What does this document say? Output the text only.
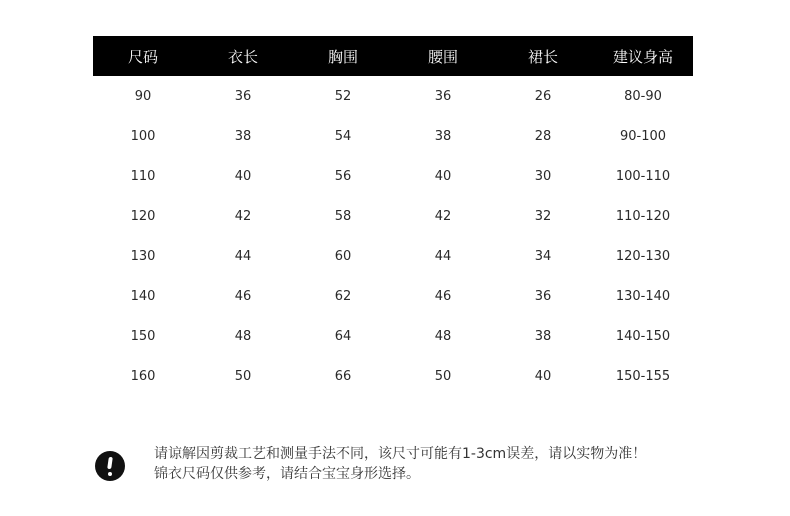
尺码	衣长	胸围	腰围	裙长	建议身高
90	36	52	36	26	80-90
100	38	54	38	28	90-100
110	40	56	40	30	100-110
120	42	58	42	32	110-120
130	44	60	44	34	120-130
140	46	62	46	36	130-140
150	48	64	48	38	140-150
160	50	66	50	40	150-155
请谅解因剪裁工艺和测量手法不同，该尺寸可能有1-3cm误差，请以实物为准！
锦衣尺码仅供参考，请结合宝宝身形选择。
